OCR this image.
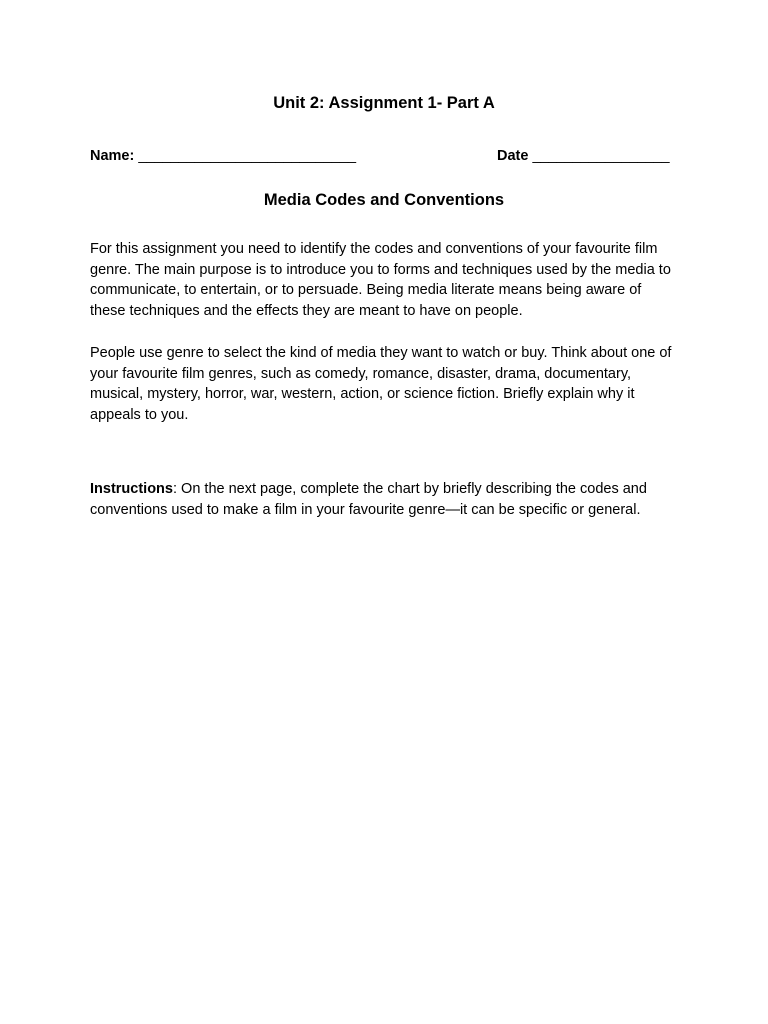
Unit 2: Assignment 1- Part A
Name: ___________________________	Date _________________
Media Codes and Conventions

For this assignment you need to identify the codes and conventions of your favourite film genre. The main purpose is to introduce you to forms and techniques used by the media to communicate, to entertain, or to persuade. Being media literate means being aware of these techniques and the effects they are meant to have on people.

People use genre to select the kind of media they want to watch or buy. Think about one of your favourite film genres, such as comedy, romance, disaster, drama, documentary, musical, mystery, horror, war, western, action, or science fiction. Briefly explain why it appeals to you.

Instructions: On the next page, complete the chart by briefly describing the codes and conventions used to make a film in your favourite genre—it can be specific or general.
